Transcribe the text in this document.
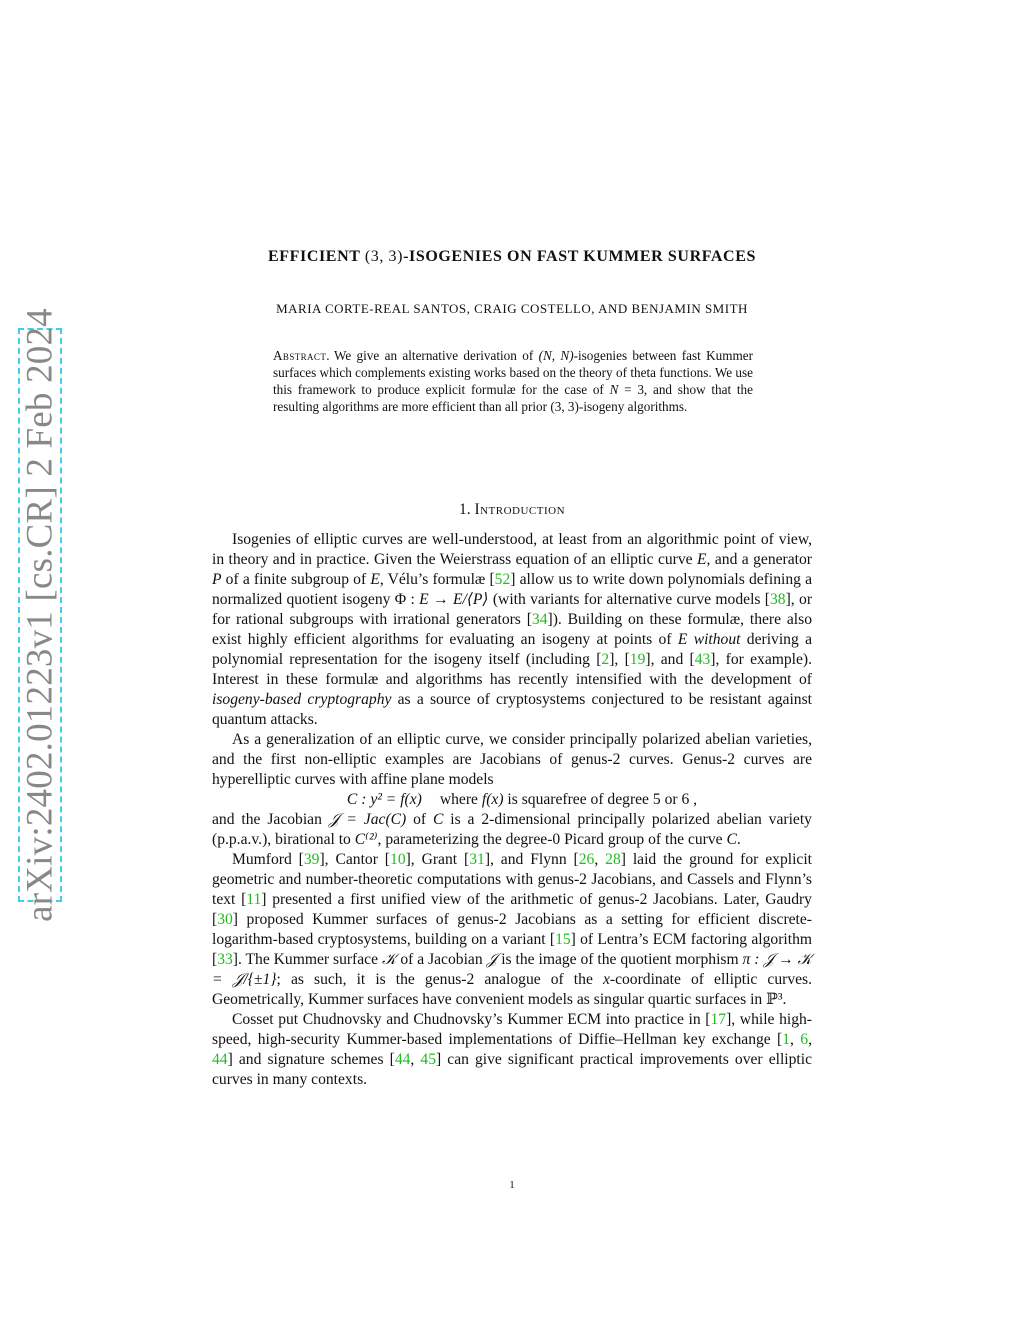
arXiv:2402.01223v1 [cs.CR] 2 Feb 2024
EFFICIENT (3, 3)-ISOGENIES ON FAST KUMMER SURFACES
MARIA CORTE-REAL SANTOS, CRAIG COSTELLO, AND BENJAMIN SMITH
Abstract. We give an alternative derivation of (N, N)-isogenies between fast Kummer surfaces which complements existing works based on the theory of theta functions. We use this framework to produce explicit formulæ for the case of N = 3, and show that the resulting algorithms are more efficient than all prior (3, 3)-isogeny algorithms.
1. Introduction

Isogenies of elliptic curves are well-understood, at least from an algorithmic point of view, in theory and in practice. Given the Weierstrass equation of an elliptic curve E, and a generator P of a finite subgroup of E, Vélu’s formulæ [52] allow us to write down polynomials defining a normalized quotient isogeny Φ : E → E/⟨P⟩ (with variants for alternative curve models [38], or for rational subgroups with irrational generators [34]). Building on these formulæ, there also exist highly efficient algorithms for evaluating an isogeny at points of E without deriving a polynomial representation for the isogeny itself (including [2], [19], and [43], for example). Interest in these formulæ and algorithms has recently intensified with the development of isogeny-based cryptography as a source of cryptosystems conjectured to be resistant against quantum attacks.

As a generalization of an elliptic curve, we consider principally polarized abelian varieties, and the first non-elliptic examples are Jacobians of genus-2 curves. Genus-2 curves are hyperelliptic curves with affine plane models

C : y² = f(x) where f(x) is squarefree of degree 5 or 6 ,

and the Jacobian 𝒥 = Jac(C) of C is a 2-dimensional principally polarized abelian variety (p.p.a.v.), birational to C⁽²⁾, parameterizing the degree-0 Picard group of the curve C.

Mumford [39], Cantor [10], Grant [31], and Flynn [26, 28] laid the ground for explicit geometric and number-theoretic computations with genus-2 Jacobians, and Cassels and Flynn’s text [11] presented a first unified view of the arithmetic of genus-2 Jacobians. Later, Gaudry [30] proposed Kummer surfaces of genus-2 Jacobians as a setting for efficient discrete-logarithm-based cryptosystems, building on a variant [15] of Lentra’s ECM factoring algorithm [33]. The Kummer surface 𝒦 of a Jacobian 𝒥 is the image of the quotient morphism π : 𝒥 → 𝒦 = 𝒥/{±1}; as such, it is the genus-2 analogue of the x-coordinate of elliptic curves. Geometrically, Kummer surfaces have convenient models as singular quartic surfaces in ℙ³.

Cosset put Chudnovsky and Chudnovsky’s Kummer ECM into practice in [17], while high-speed, high-security Kummer-based implementations of Diffie–Hellman key exchange [1, 6, 44] and signature schemes [44, 45] can give significant practical improvements over elliptic curves in many contexts.

1
